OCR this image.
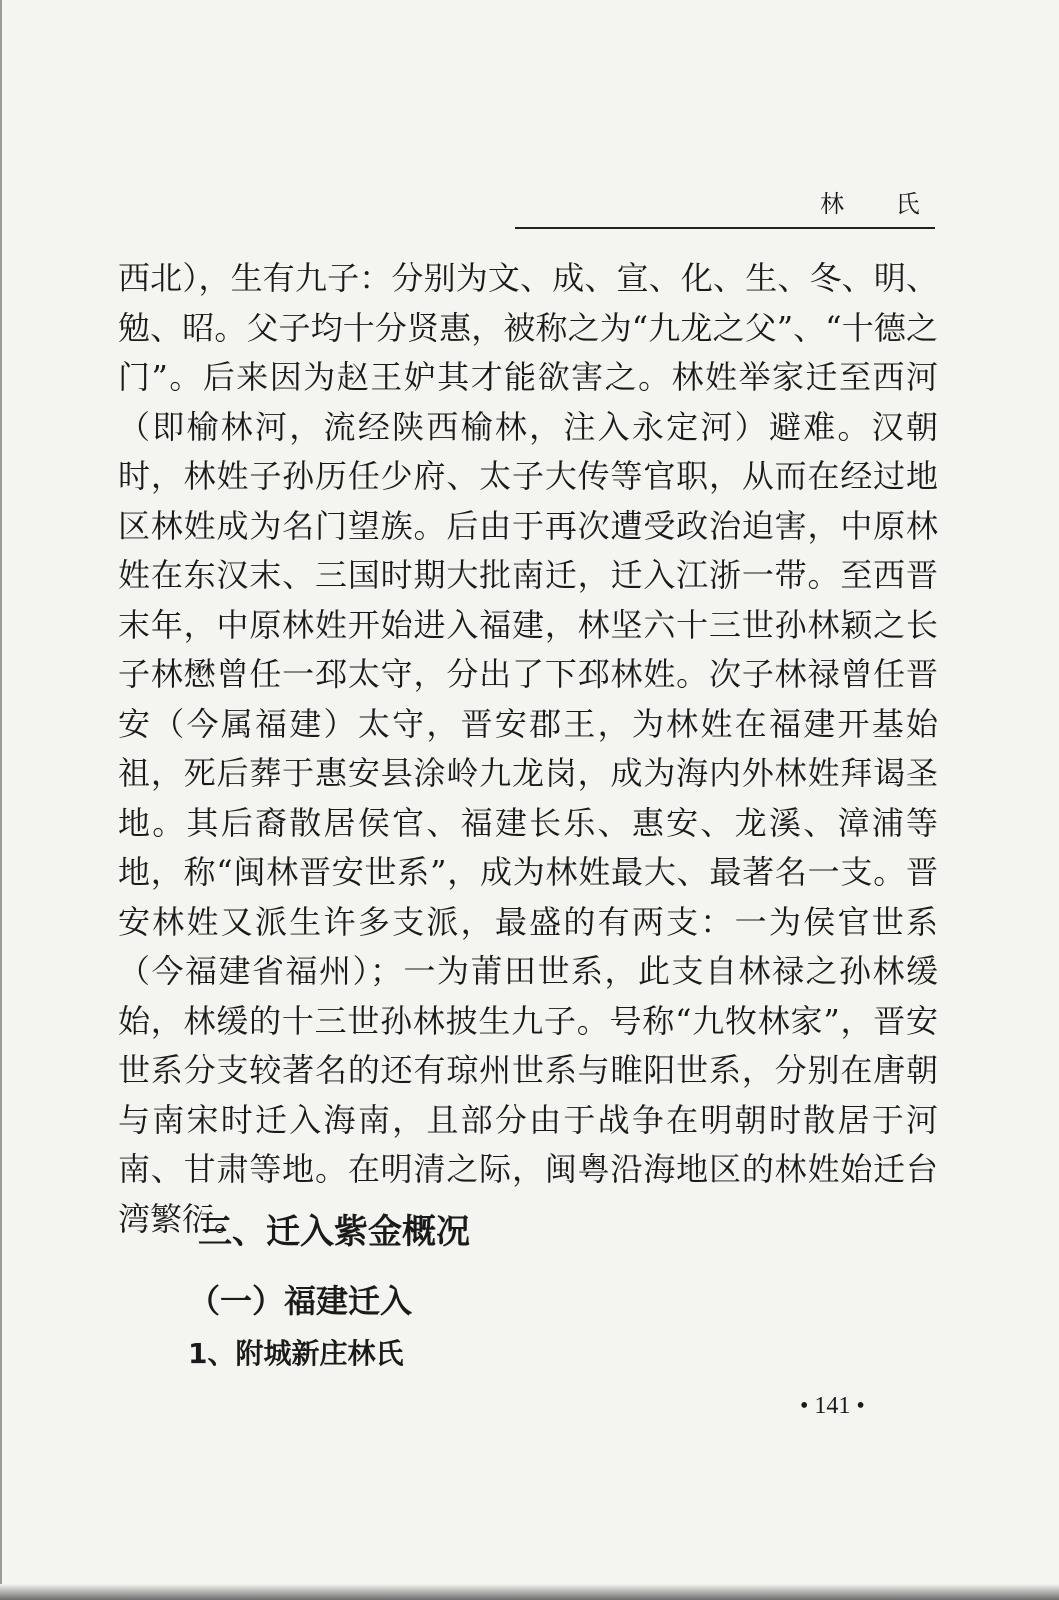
林 氏

西北），生有九子：分别为文、成、宣、化、生、冬、明、勉、昭。父子均十分贤惠，被称之为“九龙之父”、“十德之门”。后来因为赵王妒其才能欲害之。林姓举家迁至西河（即榆林河，流经陕西榆林，注入永定河）避难。汉朝时，林姓子孙历任少府、太子大传等官职，从而在经过地区林姓成为名门望族。后由于再次遭受政治迫害，中原林姓在东汉末、三国时期大批南迁，迁入江浙一带。至西晋末年，中原林姓开始进入福建，林坚六十三世孙林颖之长子林懋曾任一邳太守，分出了下邳林姓。次子林禄曾任晋安（今属福建）太守，晋安郡王，为林姓在福建开基始祖，死后葬于惠安县涂岭九龙岗，成为海内外林姓拜谒圣地。其后裔散居侯官、福建长乐、惠安、龙溪、漳浦等地，称“闽林晋安世系”，成为林姓最大、最著名一支。晋安林姓又派生许多支派，最盛的有两支：一为侯官世系（今福建省福州）；一为莆田世系，此支自林禄之孙林缓始，林缓的十三世孙林披生九子。号称“九牧林家”，晋安世系分支较著名的还有琼州世系与睢阳世系，分别在唐朝与南宋时迁入海南，且部分由于战争在明朝时散居于河南、甘肃等地。在明清之际，闽粤沿海地区的林姓始迁台湾繁衍。

三、迁入紫金概况
（一）福建迁入
1、附城新庄林氏
• 141 •
